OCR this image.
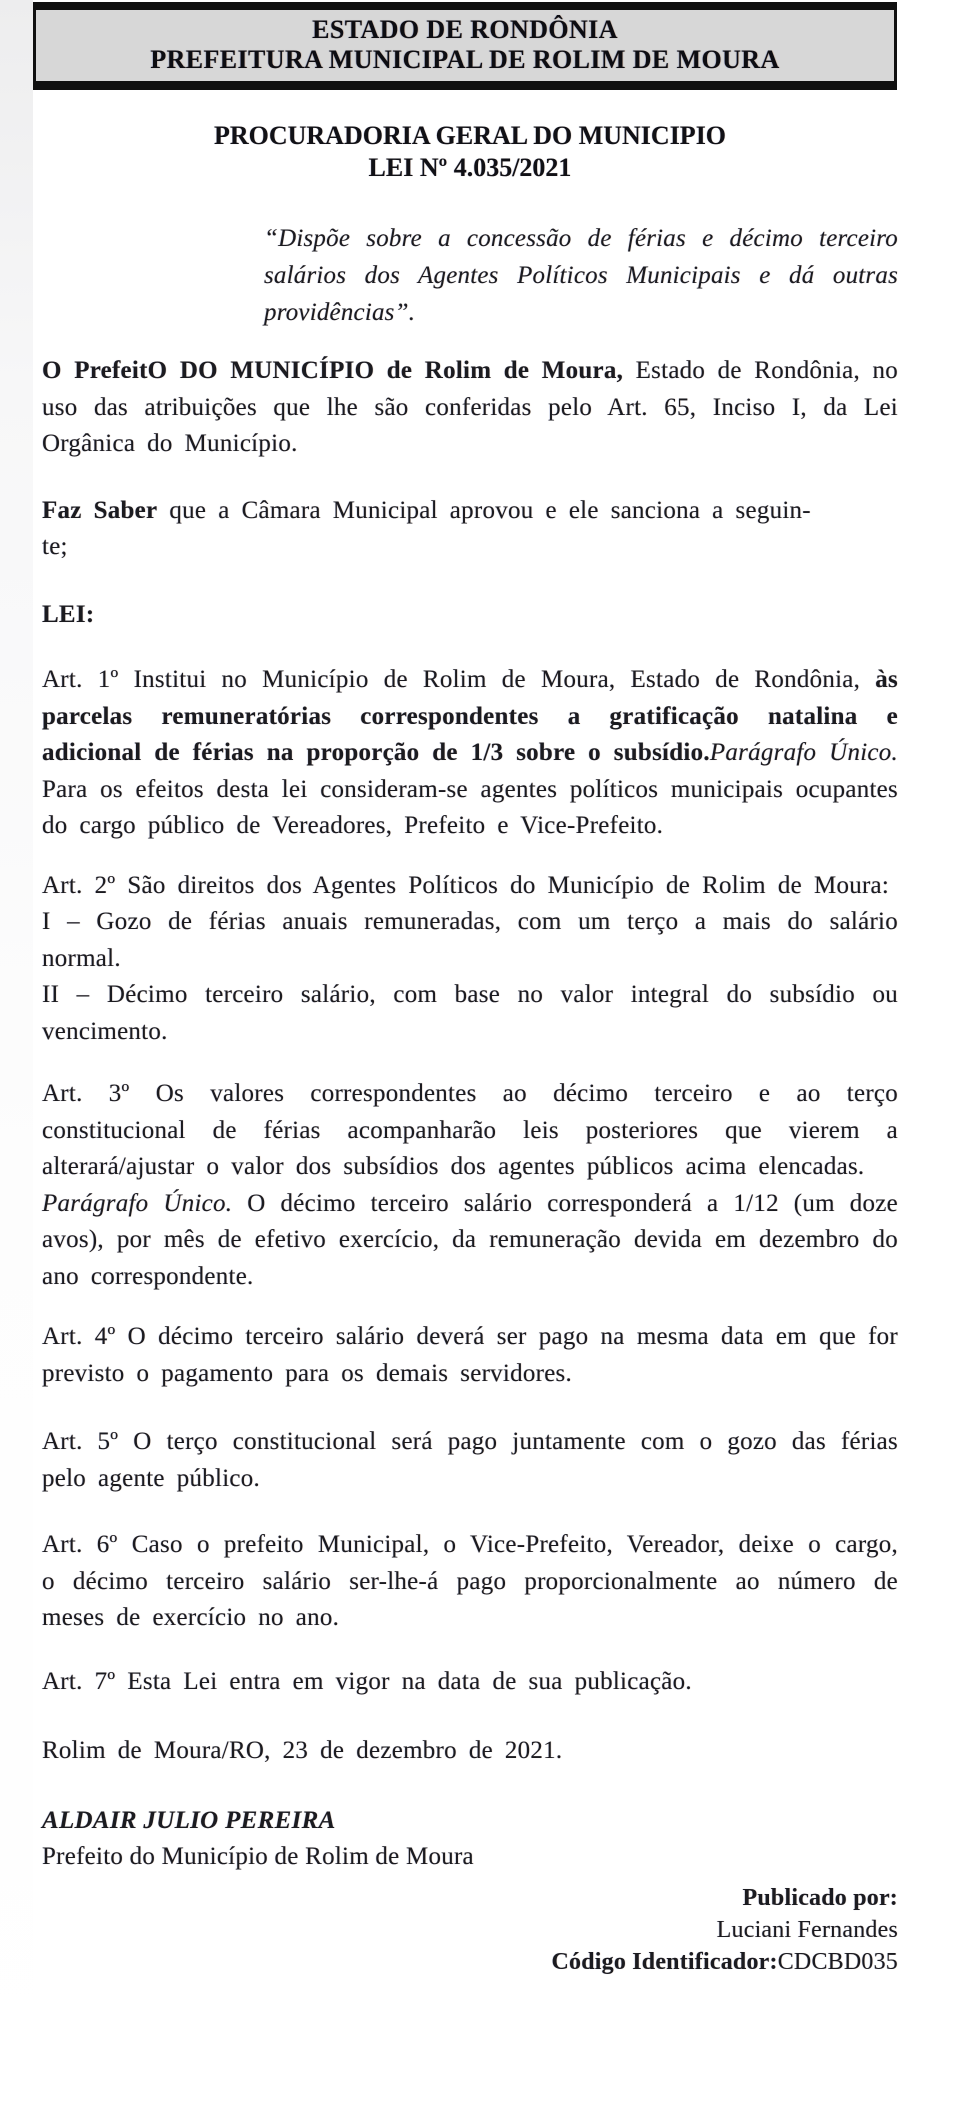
ESTADO DE RONDÔNIA
PREFEITURA MUNICIPAL DE ROLIM DE MOURA
PROCURADORIA GERAL DO MUNICIPIO
LEI Nº 4.035/2021
“Dispõe sobre a concessão de férias e décimo terceiro salários dos Agentes Políticos Municipais e dá outras providências”.
O PrefeitO DO MUNICÍPIO de Rolim de Moura, Estado de Rondônia, no uso das atribuições que lhe são conferidas pelo Art. 65, Inciso I, da Lei Orgânica do Município.
Faz Saber que a Câmara Municipal aprovou e ele sanciona a seguin-
te;
LEI:
Art. 1º Institui no Município de Rolim de Moura, Estado de Rondônia, às parcelas remuneratórias correspondentes a gratificação natalina e adicional de férias na proporção de 1/3 sobre o subsídio.Parágrafo Único. Para os efeitos desta lei consideram-se agentes políticos municipais ocupantes do cargo público de Vereadores, Prefeito e Vice-Prefeito.
Art. 2º São direitos dos Agentes Políticos do Município de Rolim de Moura:
I – Gozo de férias anuais remuneradas, com um terço a mais do salário normal.
II – Décimo terceiro salário, com base no valor integral do subsídio ou vencimento.
Art. 3º Os valores correspondentes ao décimo terceiro e ao terço constitucional de férias acompanharão leis posteriores que vierem a alterará/ajustar o valor dos subsídios dos agentes públicos acima elencadas.
Parágrafo Único. O décimo terceiro salário corresponderá a 1/12 (um doze avos), por mês de efetivo exercício, da remuneração devida em dezembro do ano correspondente.
Art. 4º O décimo terceiro salário deverá ser pago na mesma data em que for previsto o pagamento para os demais servidores.
Art. 5º O terço constitucional será pago juntamente com o gozo das férias pelo agente público.
Art. 6º Caso o prefeito Municipal, o Vice-Prefeito, Vereador, deixe o cargo, o décimo terceiro salário ser-lhe-á pago proporcionalmente ao número de meses de exercício no ano.
Art. 7º Esta Lei entra em vigor na data de sua publicação.
Rolim de Moura/RO, 23 de dezembro de 2021.
ALDAIR JULIO PEREIRA
Prefeito do Município de Rolim de Moura
Publicado por:
Luciani Fernandes
Código Identificador:CDCBD035
